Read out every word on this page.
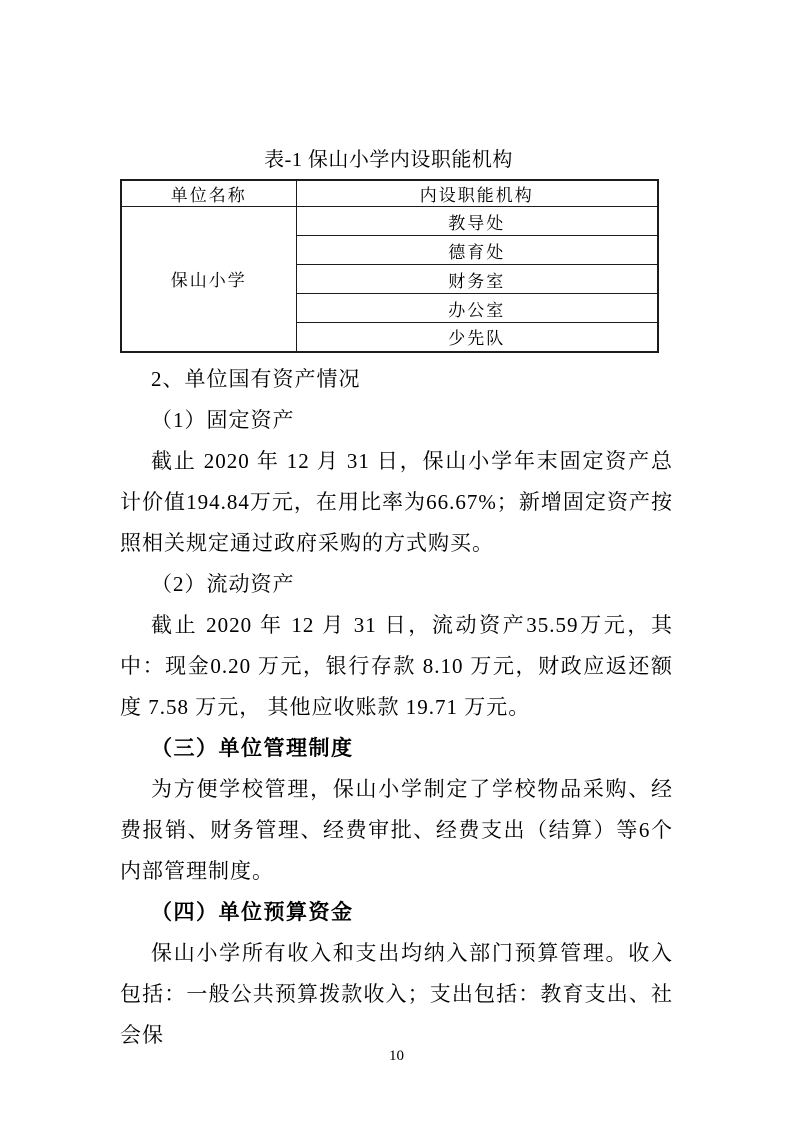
表-1 保山小学内设职能机构
单位名称	内设职能机构
保山小学	教导处
	德育处
	财务室
	办公室
	少先队
2、单位国有资产情况
（1）固定资产
截止 2020 年 12 月 31 日，保山小学年末固定资产总计价值194.84万元，在用比率为66.67%；新增固定资产按照相关规定通过政府采购的方式购买。
（2）流动资产
截止 2020 年 12 月 31 日，流动资产35.59万元，其中：现金0.20 万元，银行存款 8.10 万元，财政应返还额度 7.58 万元， 其他应收账款 19.71 万元。
（三）单位管理制度
为方便学校管理，保山小学制定了学校物品采购、经费报销、财务管理、经费审批、经费支出（结算）等6个内部管理制度。
（四）单位预算资金
保山小学所有收入和支出均纳入部门预算管理。收入包括：一般公共预算拨款收入；支出包括：教育支出、社会保
10
